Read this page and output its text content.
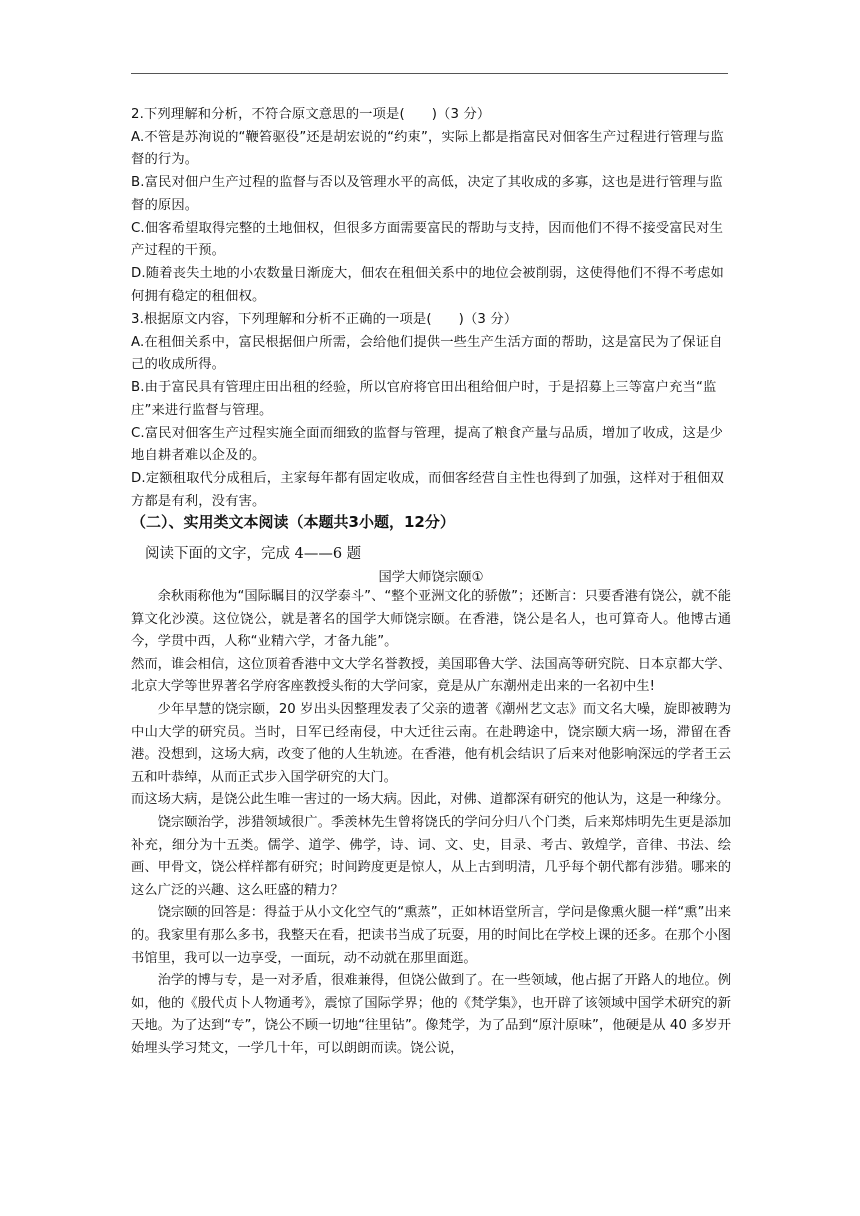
2.下列理解和分析，不符合原文意思的一项是(　　)（3 分）

A.不管是苏洵说的“鞭笞驱役”还是胡宏说的“约束”，实际上都是指富民对佃客生产过程进行管理与监督的行为。

B.富民对佃户生产过程的监督与否以及管理水平的高低，决定了其收成的多寡，这也是进行管理与监督的原因。

C.佃客希望取得完整的土地佃权，但很多方面需要富民的帮助与支持，因而他们不得不接受富民对生产过程的干预。

D.随着丧失土地的小农数量日渐庞大，佃农在租佃关系中的地位会被削弱，这使得他们不得不考虑如何拥有稳定的租佃权。

3.根据原文内容，下列理解和分析不正确的一项是(　　)（3 分）

A.在租佃关系中，富民根据佃户所需，会给他们提供一些生产生活方面的帮助，这是富民为了保证自己的收成所得。

B.由于富民具有管理庄田出租的经验，所以官府将官田出租给佃户时，于是招募上三等富户充当“监庄”来进行监督与管理。

C.富民对佃客生产过程实施全面而细致的监督与管理，提高了粮食产量与品质，增加了收成，这是少地自耕者难以企及的。

D.定额租取代分成租后，主家每年都有固定收成，而佃客经营自主性也得到了加强，这样对于租佃双方都是有利，没有害。

（二）、实用类文本阅读（本题共3小题，12分）
阅读下面的文字，完成 4——6 题
国学大师饶宗颐①

余秋雨称他为“国际瞩目的汉学泰斗”、“整个亚洲文化的骄傲”；还断言：只要香港有饶公，就不能算文化沙漠。这位饶公，就是著名的国学大师饶宗颐。在香港，饶公是名人，也可算奇人。他博古通今，学贯中西，人称“业精六学，才备九能”。

然而，谁会相信，这位顶着香港中文大学名誉教授，美国耶鲁大学、法国高等研究院、日本京都大学、北京大学等世界著名学府客座教授头衔的大学问家，竟是从广东潮州走出来的一名初中生!

少年早慧的饶宗颐，20 岁出头因整理发表了父亲的遗著《潮州艺文志》而文名大噪，旋即被聘为中山大学的研究员。当时，日军已经南侵，中大迁往云南。在赴聘途中，饶宗颐大病一场，滞留在香港。没想到，这场大病，改变了他的人生轨迹。在香港，他有机会结识了后来对他影响深远的学者王云五和叶恭绰，从而正式步入国学研究的大门。

而这场大病，是饶公此生唯一害过的一场大病。因此，对佛、道都深有研究的他认为，这是一种缘分。

饶宗颐治学，涉猎领域很广。季羡林先生曾将饶氏的学问分归八个门类，后来郑炜明先生更是添加补充，细分为十五类。儒学、道学、佛学，诗、词、文、史，目录、考古、敦煌学，音律、书法、绘画、甲骨文，饶公样样都有研究；时间跨度更是惊人，从上古到明清，几乎每个朝代都有涉猎。哪来的这么广泛的兴趣、这么旺盛的精力？

饶宗颐的回答是：得益于从小文化空气的“熏蒸”，正如林语堂所言，学问是像熏火腿一样“熏”出来的。我家里有那么多书，我整天在看，把读书当成了玩耍，用的时间比在学校上课的还多。在那个小图书馆里，我可以一边享受，一面玩，动不动就在那里面逛。

治学的博与专，是一对矛盾，很难兼得，但饶公做到了。在一些领域，他占据了开路人的地位。例如，他的《殷代贞卜人物通考》，震惊了国际学界；他的《梵学集》，也开辟了该领域中国学术研究的新天地。为了达到“专”，饶公不顾一切地“往里钻”。像梵学，为了品到“原汁原味”，他硬是从 40 多岁开始埋头学习梵文，一学几十年，可以朗朗而读。饶公说，
